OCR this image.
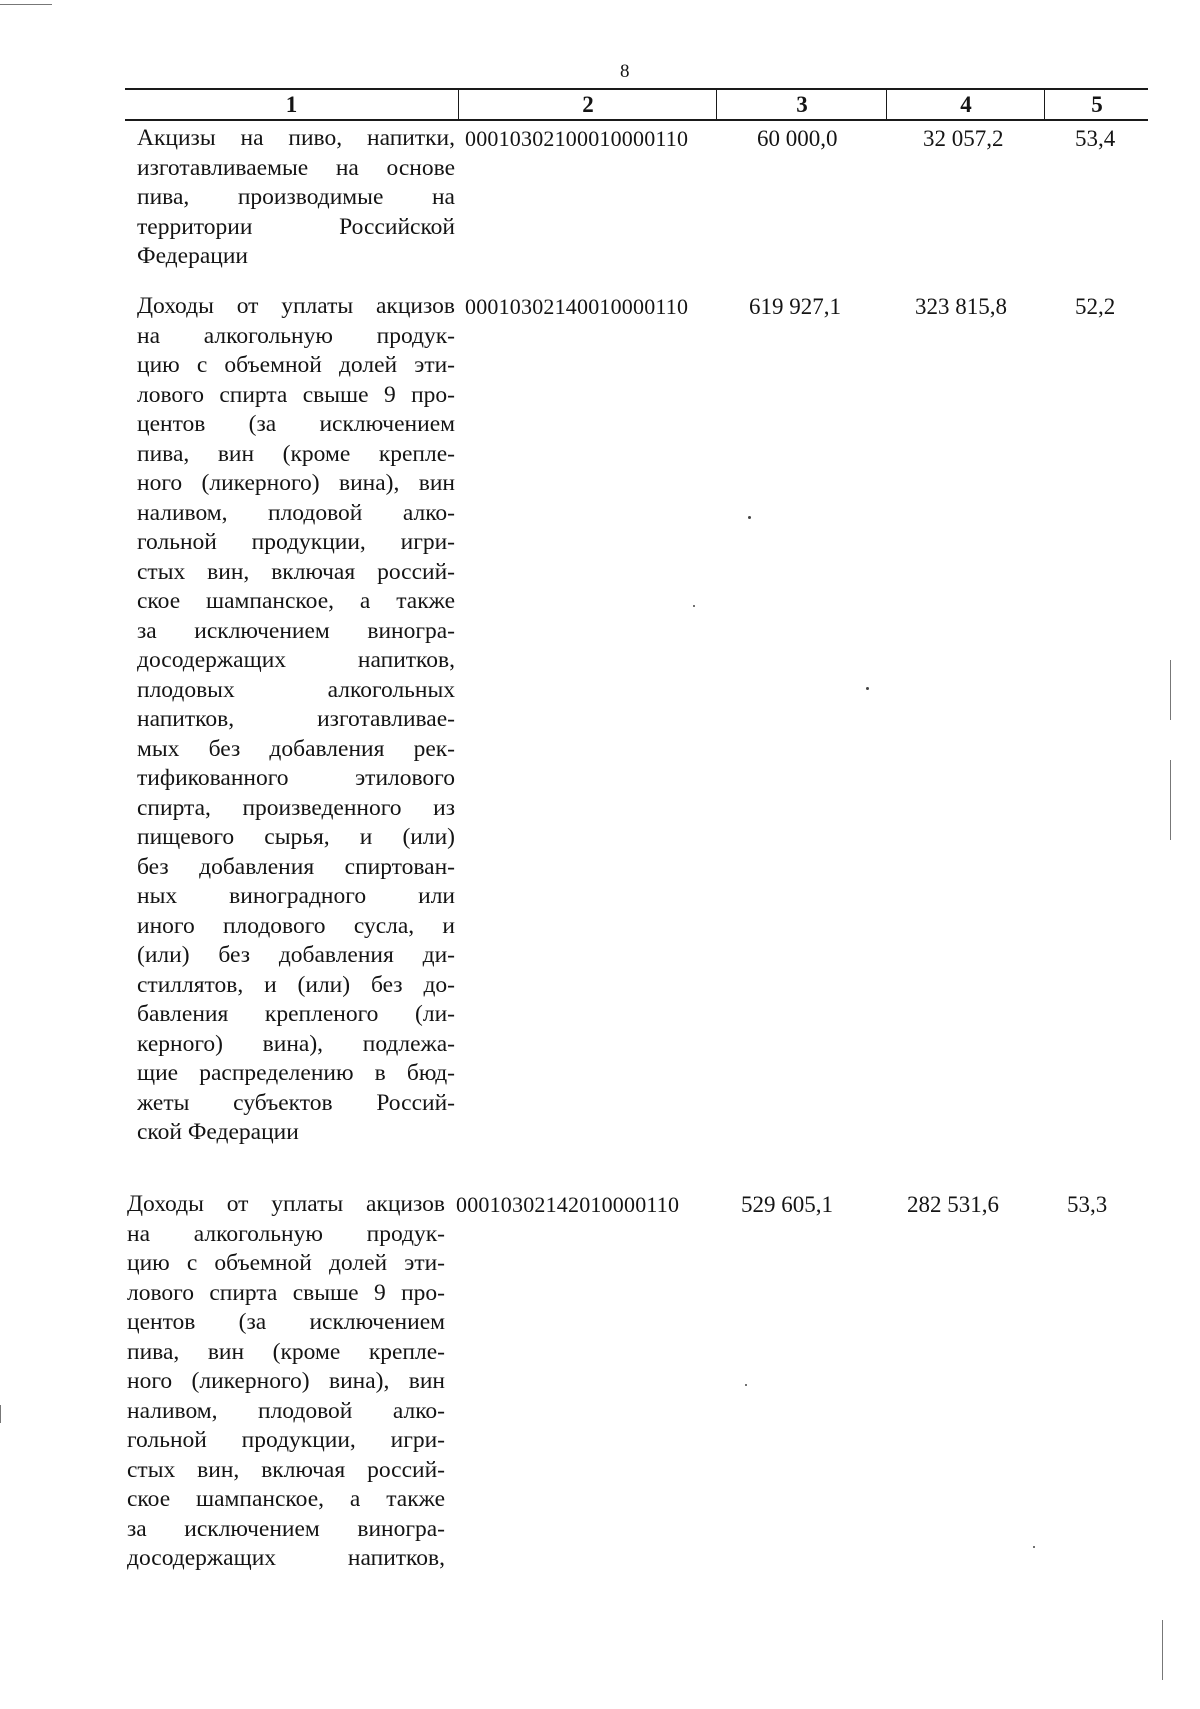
8
1	2	3	4	5
Акцизы на пиво, напитки,
изготавливаемые на основе
пива, производимые на
территории Российской
Федерации
00010302100010000110	60 000,0	32 057,2	53,4
Доходы от уплаты акцизов
на алкогольную продук-
цию с объемной долей эти-
лового спирта свыше 9 про-
центов (за исключением
пива, вин (кроме крепле-
ного (ликерного) вина), вин
наливом, плодовой алко-
гольной продукции, игри-
стых вин, включая россий-
ское шампанское, а также
за исключением виногра-
досодержащих напитков,
плодовых алкогольных
напитков, изготавливае-
мых без добавления рек-
тификованного этилового
спирта, произведенного из
пищевого сырья, и (или)
без добавления спиртован-
ных виноградного или
иного плодового сусла, и
(или) без добавления ди-
стиллятов, и (или) без до-
бавления крепленого (ли-
керного) вина), подлежа-
щие распределению в бюд-
жеты субъектов Россий-
ской Федерации
00010302140010000110	619 927,1	323 815,8	52,2
Доходы от уплаты акцизов
на алкогольную продук-
цию с объемной долей эти-
лового спирта свыше 9 про-
центов (за исключением
пива, вин (кроме крепле-
ного (ликерного) вина), вин
наливом, плодовой алко-
гольной продукции, игри-
стых вин, включая россий-
ское шампанское, а также
за исключением виногра-
досодержащих напитков,
00010302142010000110	529 605,1	282 531,6	53,3
